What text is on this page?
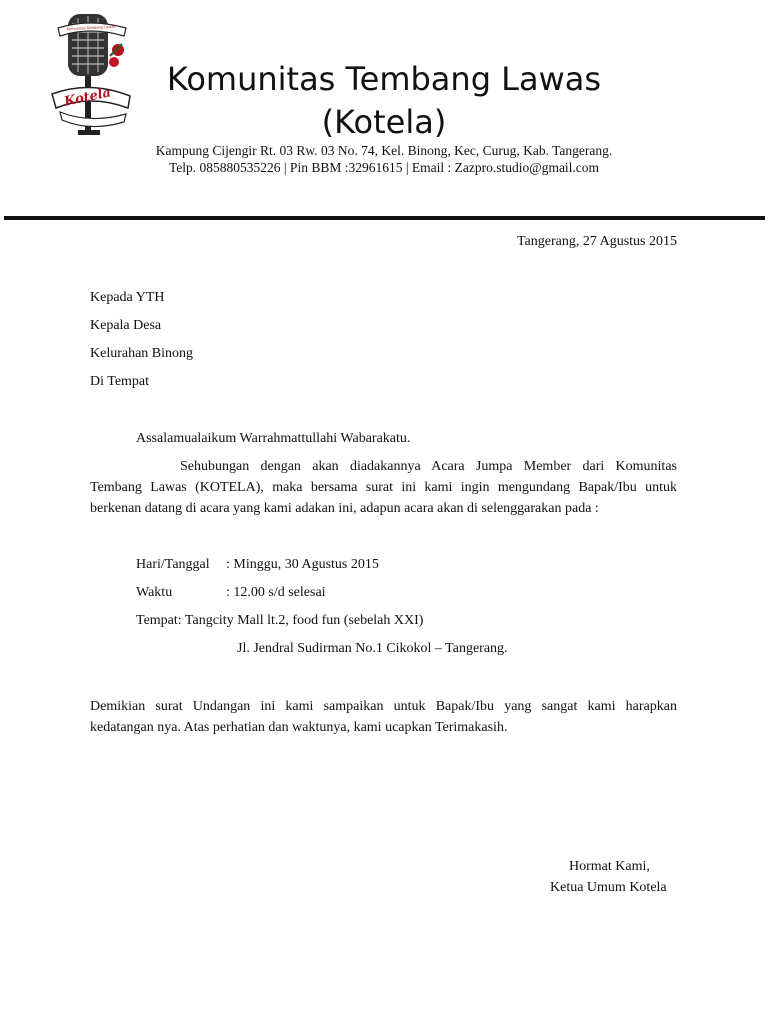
Kotela
Komunitas Tembang Lawas
Komunitas Tembang Lawas
(Kotela)
Kampung Cijengir Rt. 03 Rw. 03 No. 74, Kel. Binong, Kec, Curug, Kab. Tangerang.
Telp. 085880535226 | Pin BBM :32961615 | Email : Zazpro.studio@gmail.com
Tangerang, 27 Agustus 2015
Kepada YTH
Kepala Desa
Kelurahan Binong
Di Tempat
Assalamualaikum Warrahmattullahi Wabarakatu.
Sehubungan dengan akan diadakannya Acara Jumpa Member dari Komunitas
Tembang Lawas (KOTELA), maka bersama surat ini kami ingin mengundang Bapak/Ibu untuk
berkenan datang di acara yang kami adakan ini, adapun acara akan di selenggarakan pada :
Hari/Tanggal : Minggu, 30 Agustus 2015
Waktu	: 12.00 s/d selesai
Tempat: Tangcity Mall lt.2, food fun (sebelah XXI)
Jl. Jendral Sudirman No.1 Cikokol – Tangerang.
Demikian surat Undangan ini kami sampaikan untuk Bapak/Ibu yang sangat kami harapkan
kedatangan nya. Atas perhatian dan waktunya, kami ucapkan Terimakasih.
Hormat Kami,
Ketua Umum Kotela
